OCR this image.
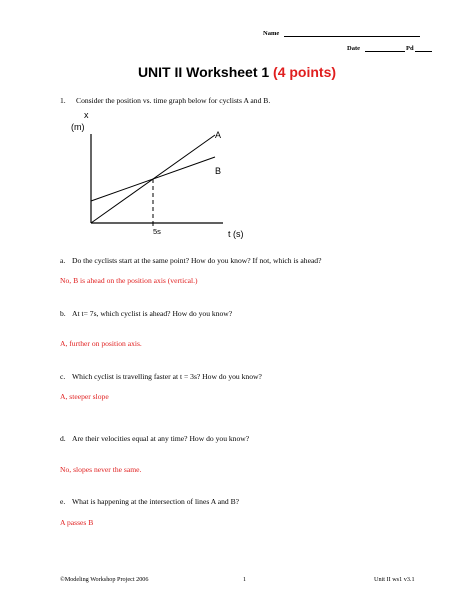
Name
Date	Pd
UNIT II Worksheet 1 (4 points)
1. Consider the position vs. time graph below for cyclists A and B.
x
(m)
5s	t (s)
A
B
a. Do the cyclists start at the same point? How do you know? If not, which is ahead?
No, B is ahead on the position axis (vertical.)
b. At t= 7s, which cyclist is ahead? How do you know?
A, further on position axis.
c. Which cyclist is travelling faster at t = 3s? How do you know?
A, steeper slope
d. Are their velocities equal at any time? How do you know?
No, slopes never the same.
e. What is happening at the intersection of lines A and B?
A passes B
©Modeling Workshop Project 2006	1	Unit II ws1 v3.1
